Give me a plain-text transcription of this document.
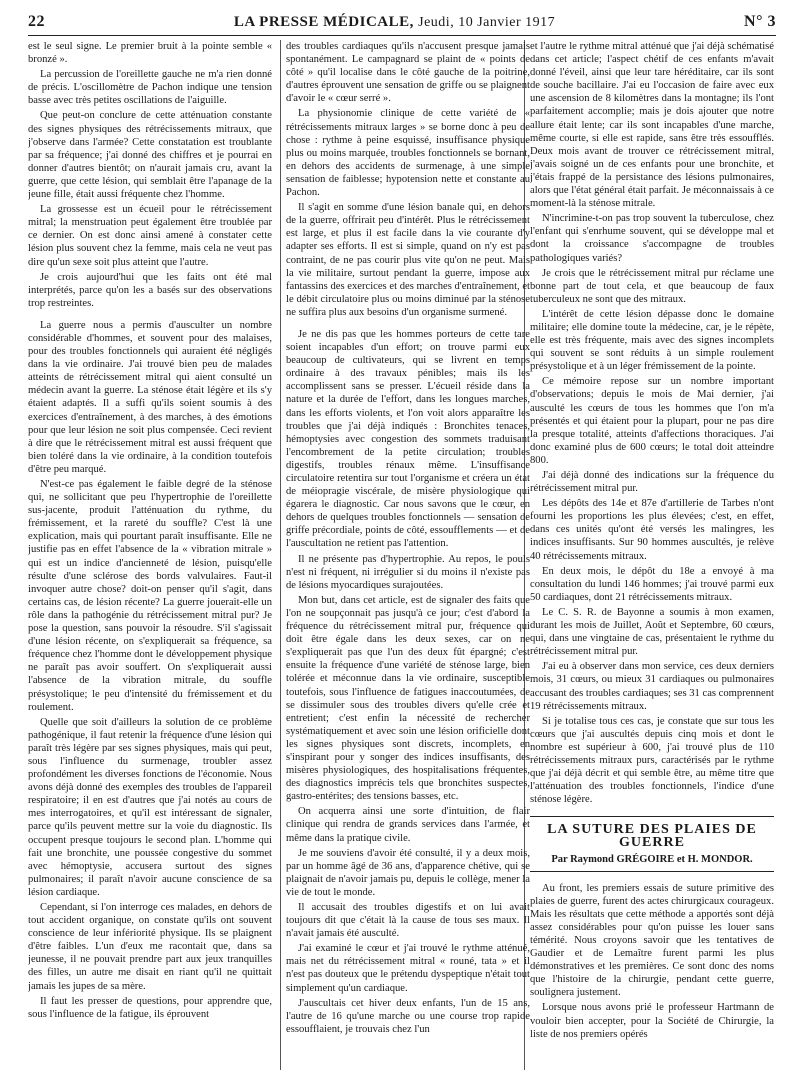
22	LA PRESSE MÉDICALE, Jeudi, 10 Janvier 1917	N° 3

est le seul signe. Le premier bruit à la pointe semble « bronzé ».

La percussion de l'oreillette gauche ne m'a rien donné de précis. L'oscillomètre de Pachon indique une tension basse avec très petites oscillations de l'aiguille.

Que peut-on conclure de cette atténuation constante des signes physiques des rétrécissements mitraux, que j'observe dans l'armée? Cette constatation est troublante par sa fréquence; j'ai donné des chiffres et je pourrai en donner d'autres bientôt; on n'aurait jamais cru, avant la guerre, que cette lésion, qui semblait être l'apanage de la jeune fille, était aussi fréquente chez l'homme.

La grossesse est un écueil pour le rétrécissement mitral; la menstruation peut également être troublée par ce dernier. On est donc ainsi amené à constater cette lésion plus souvent chez la femme, mais cela ne veut pas dire qu'un sexe soit plus atteint que l'autre.

Je crois aujourd'hui que les faits ont été mal interprétés, parce qu'on les a basés sur des observations trop restreintes.

La guerre nous a permis d'ausculter un nombre considérable d'hommes, et souvent pour des malaises, pour des troubles fonctionnels qui auraient été négligés dans la vie ordinaire. J'ai trouvé bien peu de malades atteints de rétrécissement mitral qui aient consulté un médecin avant la guerre. La sténose était légère et ils s'y étaient adaptés. Il a suffi qu'ils soient soumis à des exercices d'entraînement, à des marches, à des émotions pour que leur lésion ne soit plus compensée. Ceci revient à dire que le rétrécissement mitral est aussi fréquent que bien toléré dans la vie ordinaire, à la condition toutefois d'être peu marqué.

N'est-ce pas également le faible degré de la sténose qui, ne sollicitant que peu l'hypertrophie de l'oreillette sus-jacente, produit l'atténuation du rythme, du frémissement, et la rareté du souffle? C'est là une explication, mais qui pourtant paraît insuffisante. Elle ne justifie pas en effet l'absence de la « vibration mitrale » qui est un indice d'ancienneté de lésion, puisqu'elle résulte d'une sclérose des bords valvulaires. Faut-il invoquer autre chose? doit-on penser qu'il s'agit, dans certains cas, de lésion récente? La guerre jouerait-elle un rôle dans la pathogénie du rétrécissement mitral pur? Je pose la question, sans pouvoir la résoudre. S'il s'agissait d'une lésion récente, on s'expliquerait sa fréquence, sa fréquence chez l'homme dont le développement physique ne paraît pas avoir souffert. On s'expliquerait aussi l'absence de la vibration mitrale, du souffle présystolique; le peu d'intensité du frémissement et du roulement.

Quelle que soit d'ailleurs la solution de ce problème pathogénique, il faut retenir la fréquence d'une lésion qui paraît très légère par ses signes physiques, mais qui peut, sous l'influence du surmenage, troubler assez profondément les diverses fonctions de l'économie. Nous avons déjà donné des exemples des troubles de l'appareil respiratoire; il en est d'autres que j'ai notés au cours de mes interrogatoires, et qu'il est intéressant de signaler, parce qu'ils peuvent mettre sur la voie du diagnostic. Ils occupent presque toujours le second plan. L'homme qui fait une bronchite, une poussée congestive du sommet avec hémoptysie, accusera surtout des signes pulmonaires; il paraît n'avoir aucune conscience de sa lésion cardiaque.

Cependant, si l'on interroge ces malades, en dehors de tout accident organique, on constate qu'ils ont souvent conscience de leur infériorité physique. Ils se plaignent d'être faibles. L'un d'eux me racontait que, dans sa jeunesse, il ne pouvait prendre part aux jeux tranquilles des filles, un autre me disait en riant qu'il ne quittait jamais les jupes de sa mère.

Il faut les presser de questions, pour apprendre que, sous l'influence de la fatigue, ils éprouvent

des troubles cardiaques qu'ils n'accusent presque jamais spontanément. Le campagnard se plaint de « points de côté » qu'il localise dans le côté gauche de la poitrine, d'autres éprouvent une sensation de griffe ou se plaignent d'avoir le « cœur serré ».

La physionomie clinique de cette variété de « rétrécissements mitraux larges » se borne donc à peu de chose : rythme à peine esquissé, insuffisance physique plus ou moins marquée, troubles fonctionnels se bornant, en dehors des accidents de surmenage, à une simple sensation de faiblesse; hypotension nette et constante au Pachon.

Il s'agit en somme d'une lésion banale qui, en dehors de la guerre, offrirait peu d'intérêt. Plus le rétrécissement est large, et plus il est facile dans la vie courante d'y adapter ses efforts. Il est si simple, quand on n'y est pas contraint, de ne pas courir plus vite qu'on ne peut. Mais la vie militaire, surtout pendant la guerre, impose aux fantassins des exercices et des marches d'entraînement, et le débit circulatoire plus ou moins diminué par la sténose ne suffira plus aux besoins d'un organisme surmené.

Je ne dis pas que les hommes porteurs de cette tare soient incapables d'un effort; on trouve parmi eux beaucoup de cultivateurs, qui se livrent en temps ordinaire à des travaux pénibles; mais ils les accomplissent sans se presser. L'écueil réside dans la nature et la durée de l'effort, dans les longues marches, dans les efforts violents, et l'on voit alors apparaître les troubles que j'ai déjà indiqués : Bronchites tenaces, hémoptysies avec congestion des sommets traduisant l'encombrement de la petite circulation; troubles digestifs, troubles rénaux même. L'insuffisance circulatoire retentira sur tout l'organisme et créera un état de méiopragie viscérale, de misère physiologique qui égarera le diagnostic. Car nous savons que le cœur, en dehors de quelques troubles fonctionnels — sensation de griffe précordiale, points de côté, essoufflements — et de l'auscultation ne retient pas l'attention.

Il ne présente pas d'hypertrophie. Au repos, le pouls n'est ni fréquent, ni irrégulier si du moins il n'existe pas de lésions myocardiques surajoutées.

Mon but, dans cet article, est de signaler des faits que l'on ne soupçonnait pas jusqu'à ce jour; c'est d'abord la fréquence du rétrécissement mitral pur, fréquence qui doit être égale dans les deux sexes, car on ne s'expliquerait pas que l'un des deux fût épargné; c'est ensuite la fréquence d'une variété de sténose large, bien tolérée et méconnue dans la vie ordinaire, susceptible toutefois, sous l'influence de fatigues inaccoutumées, de se dissimuler sous des troubles divers qu'elle crée et entretient; c'est enfin la nécessité de rechercher systématiquement et avec soin une lésion orificielle dont les signes physiques sont discrets, incomplets, en s'inspirant pour y songer des indices insuffisants, des misères physiologiques, des hospitalisations fréquentes, des diagnostics imprécis tels que bronchites suspectes, gastro-entérites; des tensions basses, etc.

On acquerra ainsi une sorte d'intuition, de flair clinique qui rendra de grands services dans l'armée, et même dans la pratique civile.

Je me souviens d'avoir été consulté, il y a deux mois, par un homme âgé de 36 ans, d'apparence chétive, qui se plaignait de n'avoir jamais pu, depuis le collège, mener la vie de tout le monde.

Il accusait des troubles digestifs et on lui avait toujours dit que c'était là la cause de tous ses maux. Il n'avait jamais été ausculté.

J'ai examiné le cœur et j'ai trouvé le rythme atténué, mais net du rétrécissement mitral « rouné, tata » et il n'est pas douteux que le prétendu dyspeptique n'était tout simplement qu'un cardiaque.

J'auscultais cet hiver deux enfants, l'un de 15 ans, l'autre de 16 qu'une marche ou une course trop rapide essoufflaient, je trouvais chez l'un

et l'autre le rythme mitral atténué que j'ai déjà schématisé dans cet article; l'aspect chétif de ces enfants m'avait donné l'éveil, ainsi que leur tare héréditaire, car ils sont de souche bacillaire. J'ai eu l'occasion de faire avec eux une ascension de 8 kilomètres dans la montagne; ils l'ont parfaitement accomplie; mais je dois ajouter que notre allure était lente; car ils sont incapables d'une marche, même courte, si elle est rapide, sans être très essoufflés. Deux mois avant de trouver ce rétrécissement mitral, j'avais soigné un de ces enfants pour une bronchite, et j'étais frappé de la persistance des lésions pulmonaires, alors que l'état général était parfait. Je méconnaissais à ce moment-là la sténose mitrale.

N'incrimine-t-on pas trop souvent la tuberculose, chez l'enfant qui s'enrhume souvent, qui se développe mal et dont la croissance s'accompagne de troubles pathologiques variés?

Je crois que le rétrécissement mitral pur réclame une bonne part de tout cela, et que beaucoup de faux tuberculeux ne sont que des mitraux.

L'intérêt de cette lésion dépasse donc le domaine militaire; elle domine toute la médecine, car, je le répète, elle est très fréquente, mais avec des signes incomplets qui souvent se sont réduits à un simple roulement présystolique et à un léger frémissement de la pointe.

Ce mémoire repose sur un nombre important d'observations; depuis le mois de Mai dernier, j'ai ausculté les cœurs de tous les hommes que l'on m'a présentés et qui étaient pour la plupart, pour ne pas dire la presque totalité, atteints d'affections thoraciques. J'ai donc examiné plus de 600 cœurs; le total doit atteindre 800.

J'ai déjà donné des indications sur la fréquence du rétrécissement mitral pur.

Les dépôts des 14e et 87e d'artillerie de Tarbes n'ont fourni les proportions les plus élevées; c'est, en effet, dans ces unités qu'ont été versés les malingres, les indices insuffisants. Sur 90 hommes auscultés, je relève 40 rétrécissements mitraux.

En deux mois, le dépôt du 18e a envoyé à ma consultation du lundi 146 hommes; j'ai trouvé parmi eux 50 cardiaques, dont 21 rétrécissements mitraux.

Le C. S. R. de Bayonne a soumis à mon examen, durant les mois de Juillet, Août et Septembre, 60 cœurs, qui, dans une vingtaine de cas, présentaient le rythme du rétrécissement mitral pur.

J'ai eu à observer dans mon service, ces deux derniers mois, 31 cœurs, ou mieux 31 cardiaques ou pulmonaires accusant des troubles cardiaques; ses 31 cas comprennent 19 rétrécissements mitraux.

Si je totalise tous ces cas, je constate que sur tous les cœurs que j'ai auscultés depuis cinq mois et dont le nombre est supérieur à 600, j'ai trouvé plus de 110 rétrécissements mitraux purs, caractérisés par le rythme que j'ai déjà décrit et qui semble être, au même titre que l'atténuation des troubles fonctionnels, l'indice d'une sténose légère.

LA SUTURE DES PLAIES DE GUERRE
Par Raymond GRÉGOIRE et H. MONDOR.

Au front, les premiers essais de suture primitive des plaies de guerre, furent des actes chirurgicaux courageux. Mais les résultats que cette méthode a apportés sont déjà assez considérables pour qu'on puisse les louer sans témérité. Nous croyons savoir que les tentatives de Gaudier et de Lemaître furent parmi les plus démonstratives et les premières. Ce sont donc des noms que l'histoire de la chirurgie, pendant cette guerre, soulignera justement.

Lorsque nous avons prié le professeur Hartmann de vouloir bien accepter, pour la Société de Chirurgie, la liste de nos premiers opérés
